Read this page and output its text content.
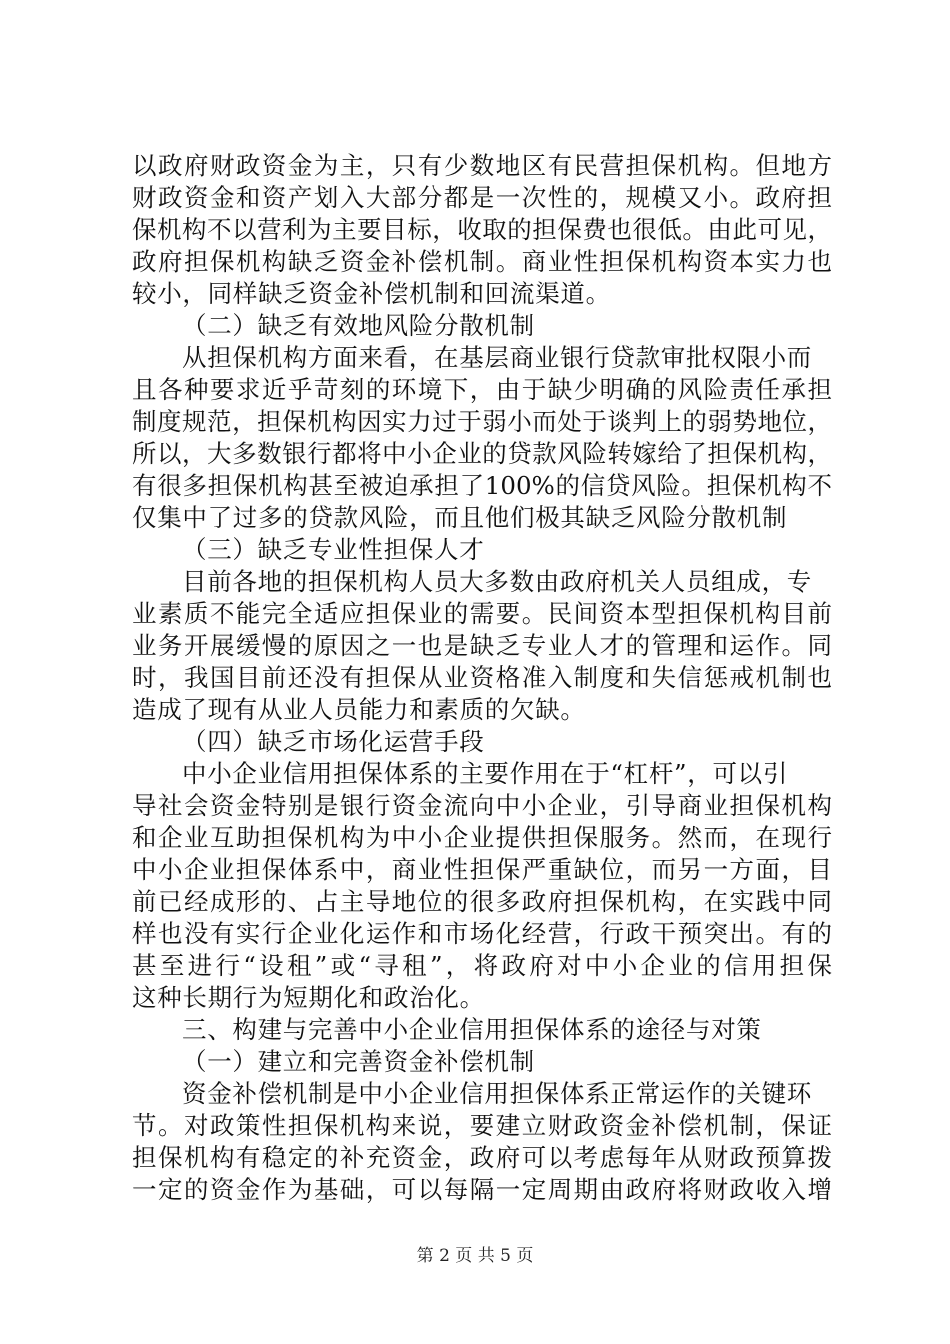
以政府财政资金为主，只有少数地区有民营担保机构。但地方
财政资金和资产划入大部分都是一次性的，规模又小。政府担
保机构不以营利为主要目标，收取的担保费也很低。由此可见，
政府担保机构缺乏资金补偿机制。商业性担保机构资本实力也
较小，同样缺乏资金补偿机制和回流渠道。
（二）缺乏有效地风险分散机制
从担保机构方面来看，在基层商业银行贷款审批权限小而
且各种要求近乎苛刻的环境下，由于缺少明确的风险责任承担
制度规范，担保机构因实力过于弱小而处于谈判上的弱势地位，
所以，大多数银行都将中小企业的贷款风险转嫁给了担保机构，
有很多担保机构甚至被迫承担了100%的信贷风险。担保机构不
仅集中了过多的贷款风险，而且他们极其缺乏风险分散机制
（三）缺乏专业性担保人才
目前各地的担保机构人员大多数由政府机关人员组成，专
业素质不能完全适应担保业的需要。民间资本型担保机构目前
业务开展缓慢的原因之一也是缺乏专业人才的管理和运作。同
时，我国目前还没有担保从业资格准入制度和失信惩戒机制也
造成了现有从业人员能力和素质的欠缺。
（四）缺乏市场化运营手段
中小企业信用担保体系的主要作用在于“杠杆”，可以引
导社会资金特别是银行资金流向中小企业，引导商业担保机构
和企业互助担保机构为中小企业提供担保服务。然而，在现行
中小企业担保体系中，商业性担保严重缺位，而另一方面，目
前已经成形的、占主导地位的很多政府担保机构，在实践中同
样也没有实行企业化运作和市场化经营，行政干预突出。有的
甚至进行“设租”或“寻租”，将政府对中小企业的信用担保
这种长期行为短期化和政治化。
三、构建与完善中小企业信用担保体系的途径与对策
（一）建立和完善资金补偿机制
资金补偿机制是中小企业信用担保体系正常运作的关键环
节。对政策性担保机构来说，要建立财政资金补偿机制，保证
担保机构有稳定的补充资金，政府可以考虑每年从财政预算拨
一定的资金作为基础，可以每隔一定周期由政府将财政收入增
第 2 页 共 5 页
